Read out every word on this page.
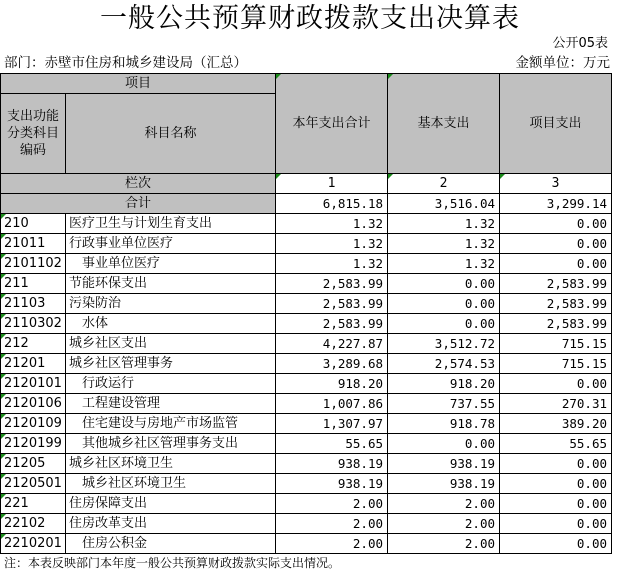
一般公共预算财政拨款支出决算表
公开05表
部门：赤壁市住房和城乡建设局（汇总）	金额单位：万元
项目		本年支出合计	基本支出	项目支出
支出功能分类科目编码	科目名称			

栏次		1	2	3
合计		6,815.18	3,516.04	3,299.14
210	医疗卫生与计划生育支出	1.32	1.32	0.00
21011	行政事业单位医疗	1.32	1.32	0.00
2101102	事业单位医疗	1.32	1.32	0.00
211	节能环保支出	2,583.99	0.00	2,583.99
21103	污染防治	2,583.99	0.00	2,583.99
2110302	水体	2,583.99	0.00	2,583.99
212	城乡社区支出	4,227.87	3,512.72	715.15
21201	城乡社区管理事务	3,289.68	2,574.53	715.15
2120101	行政运行	918.20	918.20	0.00
2120106	工程建设管理	1,007.86	737.55	270.31
2120109	住宅建设与房地产市场监管	1,307.97	918.78	389.20
2120199	其他城乡社区管理事务支出	55.65	0.00	55.65
21205	城乡社区环境卫生	938.19	938.19	0.00
2120501	城乡社区环境卫生	938.19	938.19	0.00
221	住房保障支出	2.00	2.00	0.00
22102	住房改革支出	2.00	2.00	0.00
2210201	住房公积金	2.00	2.00	0.00
注：本表反映部门本年度一般公共预算财政拨款实际支出情况。
